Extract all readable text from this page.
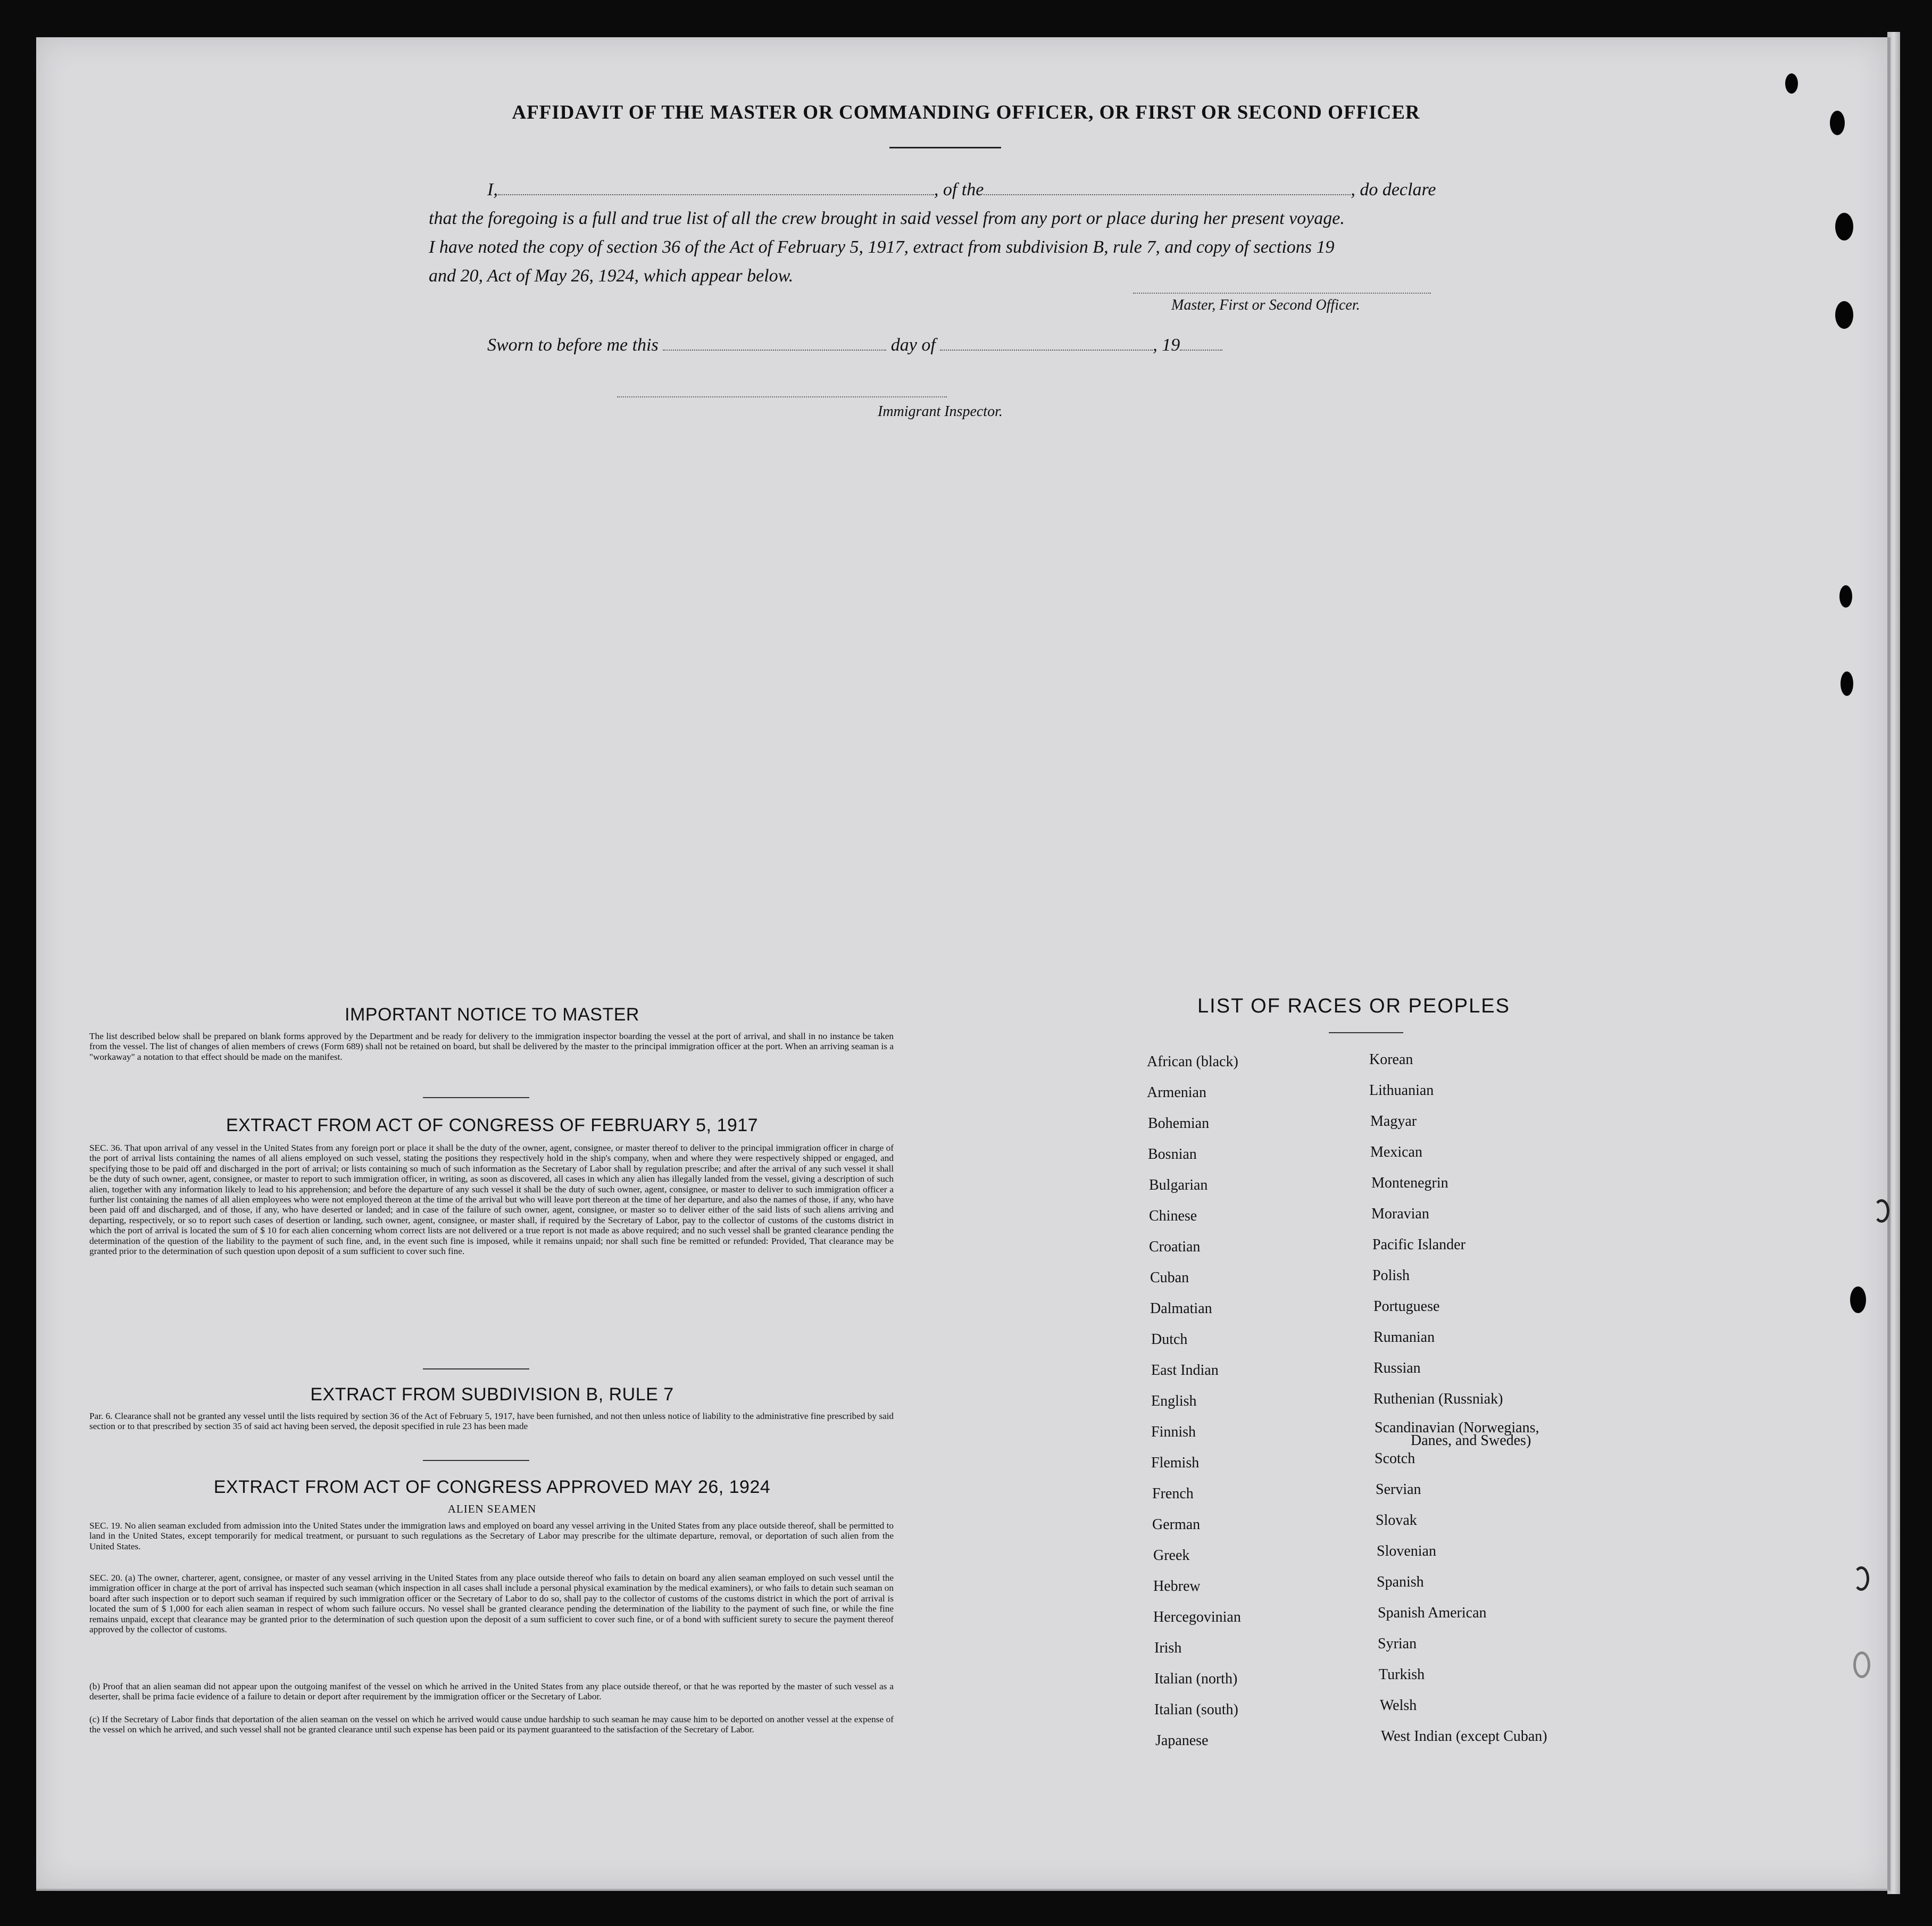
AFFIDAVIT OF THE MASTER OR COMMANDING OFFICER, OR FIRST OR SECOND OFFICER
I,	, of the	, do declare
that the foregoing is a full and true list of all the crew brought in said vessel from any port or place during her present voyage.
I have noted the copy of section 36 of the Act of February 5, 1917, extract from subdivision B, rule 7, and copy of sections 19
and 20, Act of May 26, 1924, which appear below.
Master, First or Second Officer.
Sworn to before me this	day of	, 19
Immigrant Inspector.
IMPORTANT NOTICE TO MASTER
The list described below shall be prepared on blank forms approved by the Department and be ready for delivery to the immigration inspector boarding the vessel at the port of arrival, and shall in no instance be taken from the vessel. The list of changes of alien members of crews (Form 689) shall not be retained on board, but shall be delivered by the master to the principal immigration officer at the port. When an arriving seaman is a "workaway" a notation to that effect should be made on the manifest.
EXTRACT FROM ACT OF CONGRESS OF FEBRUARY 5, 1917
SEC. 36. That upon arrival of any vessel in the United States from any foreign port or place it shall be the duty of the owner, agent, consignee, or master thereof to deliver to the principal immigration officer in charge of the port of arrival lists containing the names of all aliens employed on such vessel, stating the positions they respectively hold in the ship's company, when and where they were respectively shipped or engaged, and specifying those to be paid off and discharged in the port of arrival; or lists containing so much of such information as the Secretary of Labor shall by regulation prescribe; and after the arrival of any such vessel it shall be the duty of such owner, agent, consignee, or master to report to such immigration officer, in writing, as soon as discovered, all cases in which any alien has illegally landed from the vessel, giving a description of such alien, together with any information likely to lead to his apprehension; and before the departure of any such vessel it shall be the duty of such owner, agent, consignee, or master to deliver to such immigration officer a further list containing the names of all alien employees who were not employed thereon at the time of the arrival but who will leave port thereon at the time of her departure, and also the names of those, if any, who have been paid off and discharged, and of those, if any, who have deserted or landed; and in case of the failure of such owner, agent, consignee, or master so to deliver either of the said lists of such aliens arriving and departing, respectively, or so to report such cases of desertion or landing, such owner, agent, consignee, or master shall, if required by the Secretary of Labor, pay to the collector of customs of the customs district in which the port of arrival is located the sum of $ 10 for each alien concerning whom correct lists are not delivered or a true report is not made as above required; and no such vessel shall be granted clearance pending the determination of the question of the liability to the payment of such fine, and, in the event such fine is imposed, while it remains unpaid; nor shall such fine be remitted or refunded: Provided, That clearance may be granted prior to the determination of such question upon deposit of a sum sufficient to cover such fine.
EXTRACT FROM SUBDIVISION B, RULE 7
Par. 6. Clearance shall not be granted any vessel until the lists required by section 36 of the Act of February 5, 1917, have been furnished, and not then unless notice of liability to the administrative fine prescribed by said section or to that prescribed by section 35 of said act having been served, the deposit specified in rule 23 has been made
EXTRACT FROM ACT OF CONGRESS APPROVED MAY 26, 1924
ALIEN SEAMEN
SEC. 19. No alien seaman excluded from admission into the United States under the immigration laws and employed on board any vessel arriving in the United States from any place outside thereof, shall be permitted to land in the United States, except temporarily for medical treatment, or pursuant to such regulations as the Secretary of Labor may prescribe for the ultimate departure, removal, or deportation of such alien from the United States.
SEC. 20. (a) The owner, charterer, agent, consignee, or master of any vessel arriving in the United States from any place outside thereof who fails to detain on board any alien seaman employed on such vessel until the immigration officer in charge at the port of arrival has inspected such seaman (which inspection in all cases shall include a personal physical examination by the medical examiners), or who fails to detain such seaman on board after such inspection or to deport such seaman if required by such immigration officer or the Secretary of Labor to do so, shall pay to the collector of customs of the customs district in which the port of arrival is located the sum of $ 1,000 for each alien seaman in respect of whom such failure occurs. No vessel shall be granted clearance pending the determination of the liability to the payment of such fine, or while the fine remains unpaid, except that clearance may be granted prior to the determination of such question upon the deposit of a sum sufficient to cover such fine, or of a bond with sufficient surety to secure the payment thereof approved by the collector of customs.
(b) Proof that an alien seaman did not appear upon the outgoing manifest of the vessel on which he arrived in the United States from any place outside thereof, or that he was reported by the master of such vessel as a deserter, shall be prima facie evidence of a failure to detain or deport after requirement by the immigration officer or the Secretary of Labor.
(c) If the Secretary of Labor finds that deportation of the alien seaman on the vessel on which he arrived would cause undue hardship to such seaman he may cause him to be deported on another vessel at the expense of the vessel on which he arrived, and such vessel shall not be granted clearance until such expense has been paid or its payment guaranteed to the satisfaction of the Secretary of Labor.
LIST OF RACES OR PEOPLES
African (black)
Armenian
Bohemian
Bosnian
Bulgarian
Chinese
Croatian
Cuban
Dalmatian
Dutch
East Indian
English
Finnish
Flemish
French
German
Greek
Hebrew
Hercegovinian
Irish
Italian (north)
Italian (south)
Japanese
Korean
Lithuanian
Magyar
Mexican
Montenegrin
Moravian
Pacific Islander
Polish
Portuguese
Rumanian
Russian
Ruthenian (Russniak)
Scandinavian (Norwegians,
Danes, and Swedes)
Scotch
Servian
Slovak
Slovenian
Spanish
Spanish American
Syrian
Turkish
Welsh
West Indian (except Cuban)
